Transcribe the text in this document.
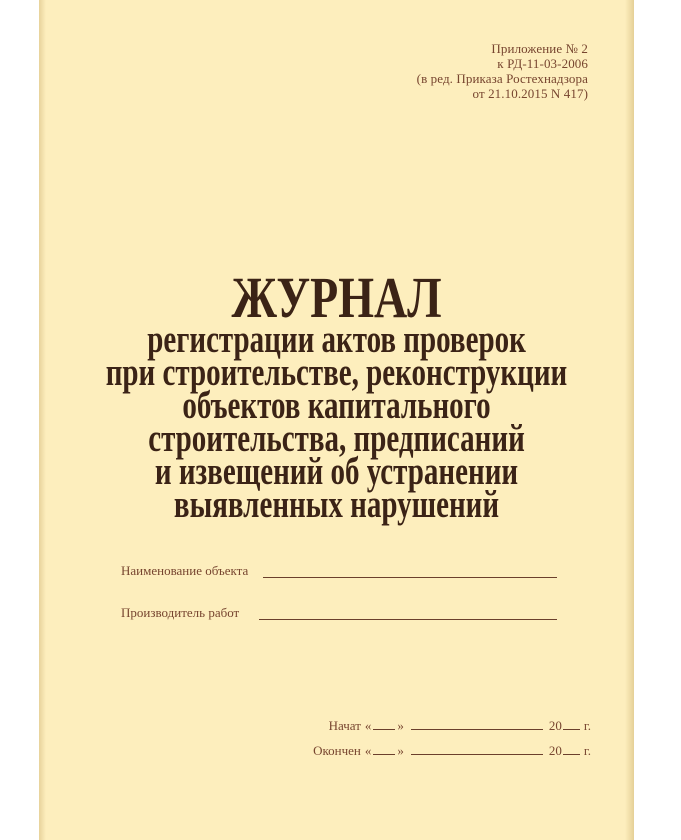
Приложение № 2
к РД-11-03-2006
(в ред. Приказа Ростехнадзора
от 21.10.2015 N 417)
ЖУРНАЛ
регистрации актов проверок
при строительстве, реконструкции
объектов капитального
строительства, предписаний
и извещений об устранении
выявленных нарушений
Наименование объекта
Производитель работ
Начат « »	20 г.
Окончен « »	20 г.
